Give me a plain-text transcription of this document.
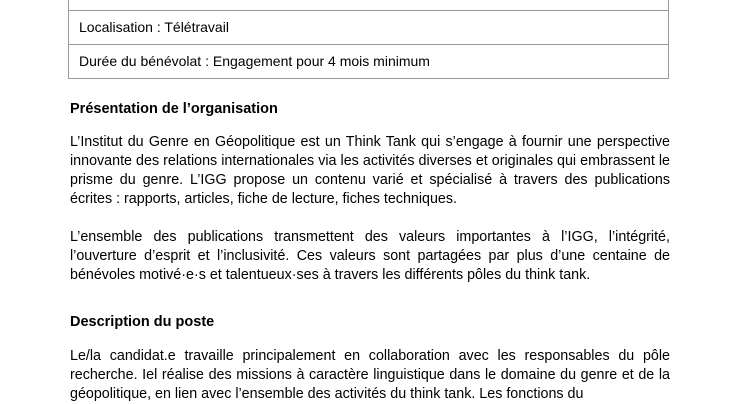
Localisation : Télétravail
Durée du bénévolat : Engagement pour 4 mois minimum
Présentation de l’organisation

L’Institut du Genre en Géopolitique est un Think Tank qui s’engage à fournir une perspective innovante des relations internationales via les activités diverses et originales qui embrassent le prisme du genre. L’IGG propose un contenu varié et spécialisé à travers des publications écrites : rapports, articles, fiche de lecture, fiches techniques.

L’ensemble des publications transmettent des valeurs importantes à l’IGG, l’intégrité, l’ouverture d’esprit et l’inclusivité. Ces valeurs sont partagées par plus d’une centaine de bénévoles motivé·e·s et talentueux·ses à travers les différents pôles du think tank.

Description du poste

Le/la candidat.e travaille principalement en collaboration avec les responsables du pôle recherche. Iel réalise des missions à caractère linguistique dans le domaine du genre et de la géopolitique, en lien avec l’ensemble des activités du think tank. Les fonctions du
